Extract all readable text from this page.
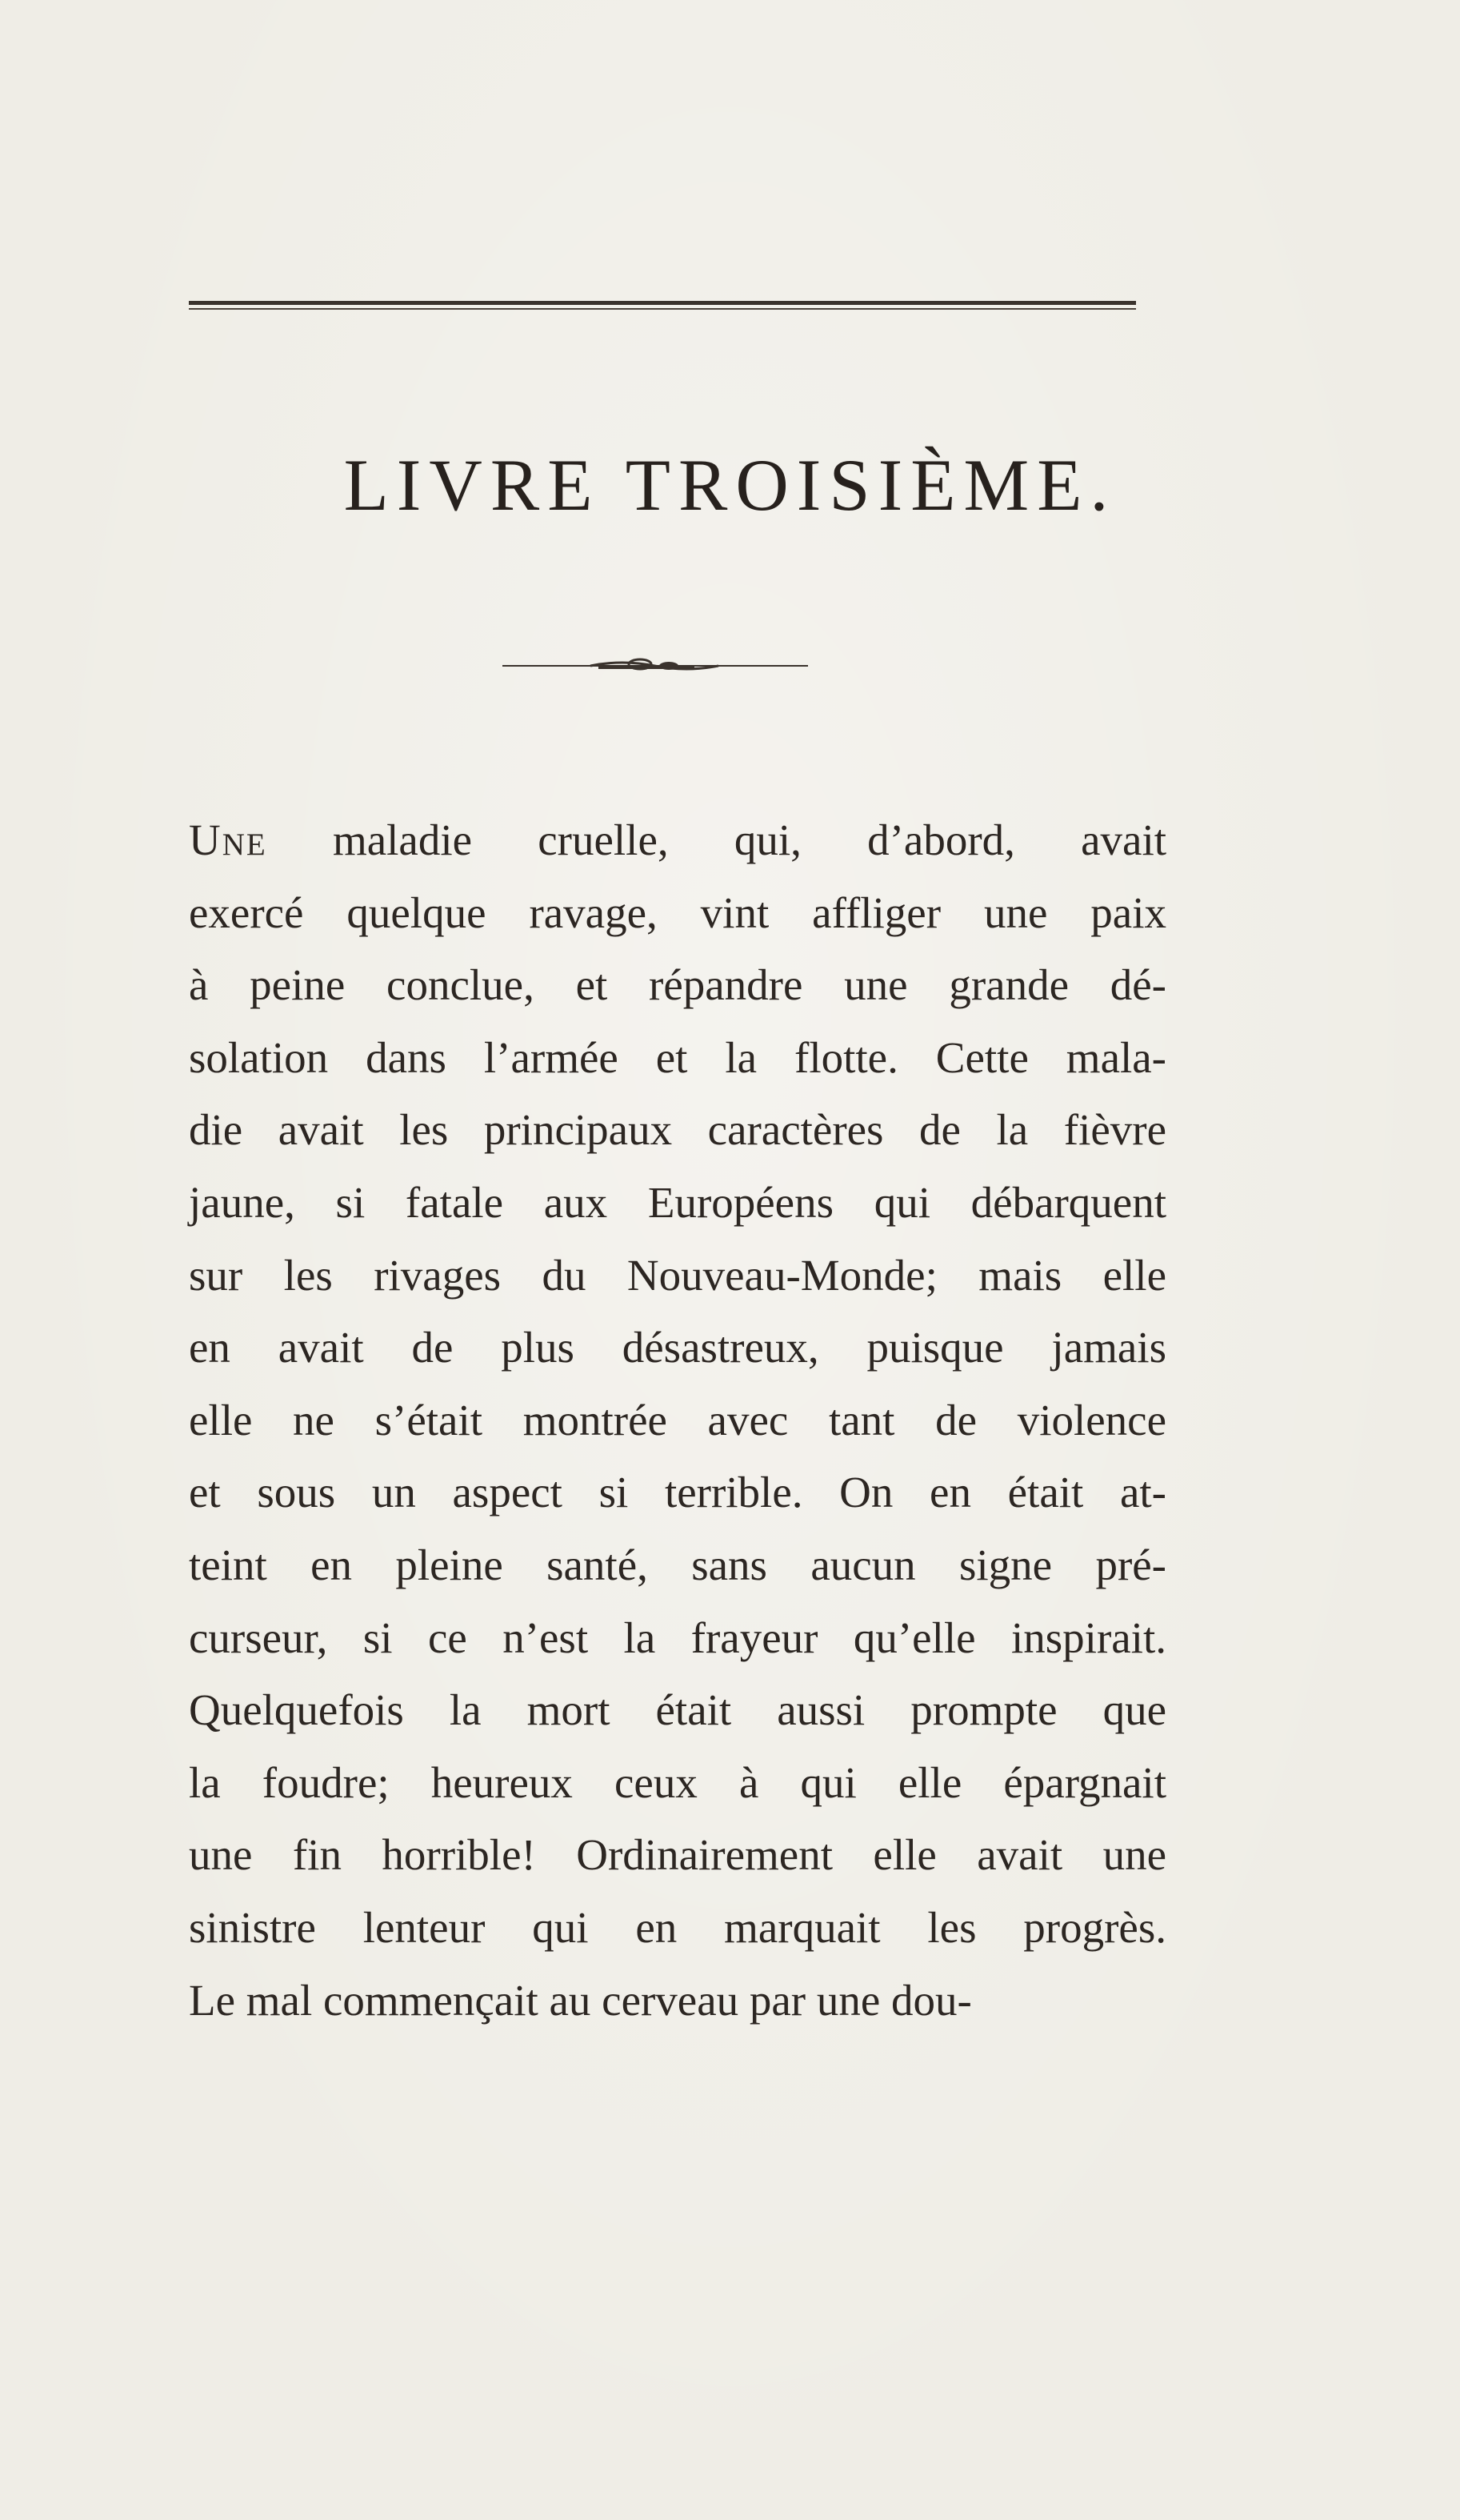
LIVRE TROISIÈME.
Une maladie cruelle, qui, d’abord, avait
exercé quelque ravage, vint affliger une paix
à peine conclue, et répandre une grande dé-
solation dans l’armée et la flotte. Cette mala-
die avait les principaux caractères de la fièvre
jaune, si fatale aux Européens qui débarquent
sur les rivages du Nouveau-Monde; mais elle
en avait de plus désastreux, puisque jamais
elle ne s’était montrée avec tant de violence
et sous un aspect si terrible. On en était at-
teint en pleine santé, sans aucun signe pré-
curseur, si ce n’est la frayeur qu’elle inspirait.
Quelquefois la mort était aussi prompte que
la foudre; heureux ceux à qui elle épargnait
une fin horrible! Ordinairement elle avait une
sinistre lenteur qui en marquait les progrès.
Le mal commençait au cerveau par une dou-
